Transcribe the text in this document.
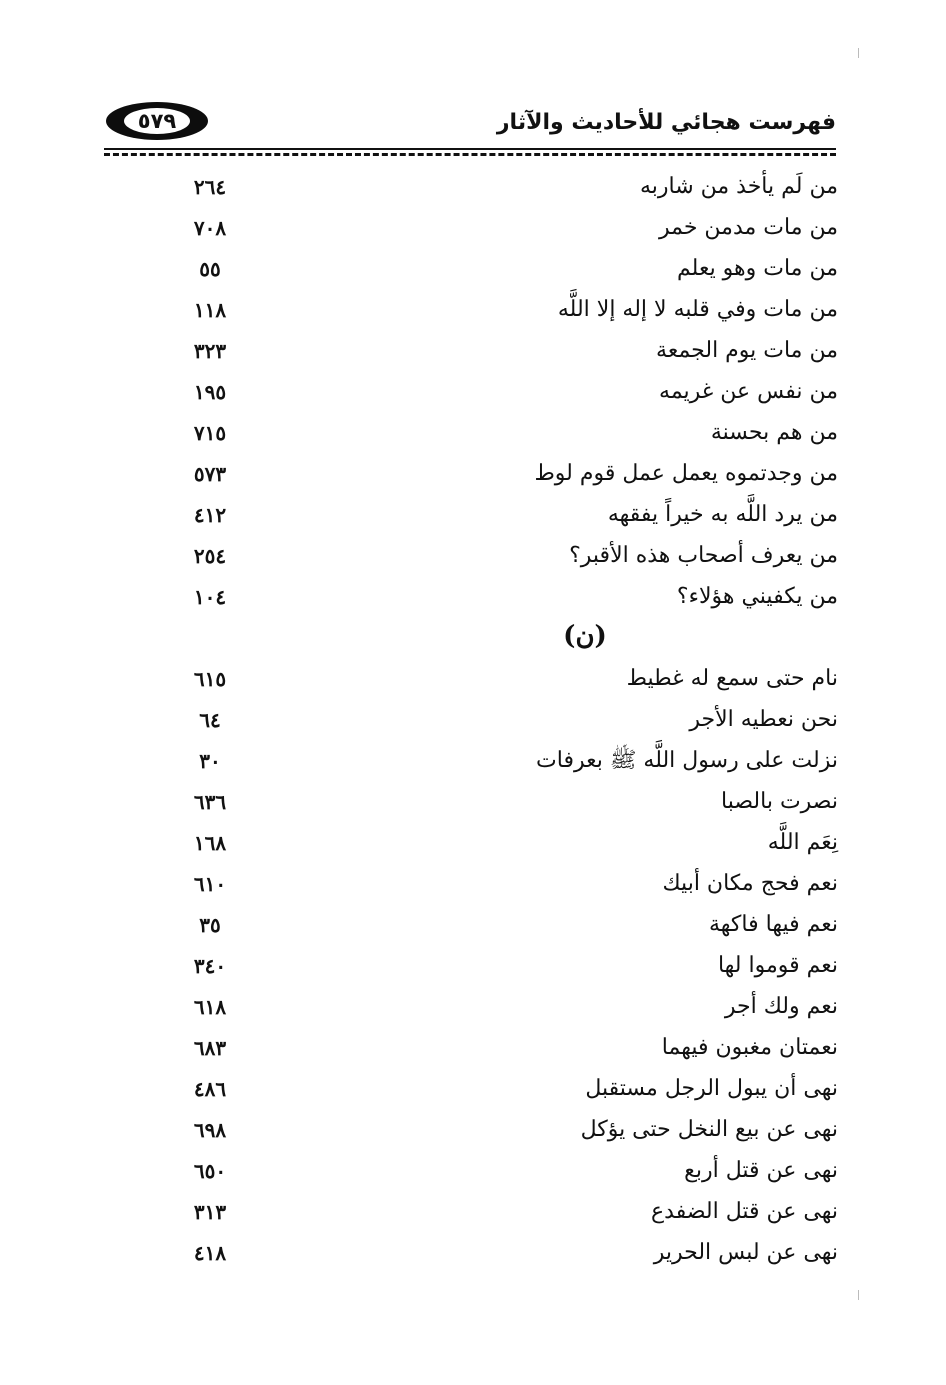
٥٧٩	فهرست هجائي للأحاديث والآثار
من لَم يأخذ من شاربه
٢٦٤
من مات مدمن خمر
٧٠٨
من مات وهو يعلم
٥٥
من مات وفي قلبه لا إله إلا اللَّه
١١٨
من مات يوم الجمعة
٣٢٣
من نفس عن غريمه
١٩٥
من هم بحسنة
٧١٥
من وجدتموه يعمل عمل قوم لوط
٥٧٣
من يرد اللَّه به خيراً يفقهه
٤١٢
من يعرف أصحاب هذه الأقبر؟
٢٥٤
من يكفيني هؤلاء؟
١٠٤
(ن)
نام حتى سمع له غطيط
٦١٥
نحن نعطيه الأجر
٦٤
نزلت على رسول اللَّه ﷺ بعرفات
٣٠
نصرت بالصبا
٦٣٦
نِعَم اللَّه
١٦٨
نعم فحج مكان أبيك
٦١٠
نعم فيها فاكهة
٣٥
نعم قوموا لها
٣٤٠
نعم ولك أجر
٦١٨
نعمتان مغبون فيهما
٦٨٣
نهى أن يبول الرجل مستقبل
٤٨٦
نهى عن بيع النخل حتى يؤكل
٦٩٨
نهى عن قتل أربع
٦٥٠
نهى عن قتل الضفدع
٣١٣
نهى عن لبس الحرير
٤١٨
